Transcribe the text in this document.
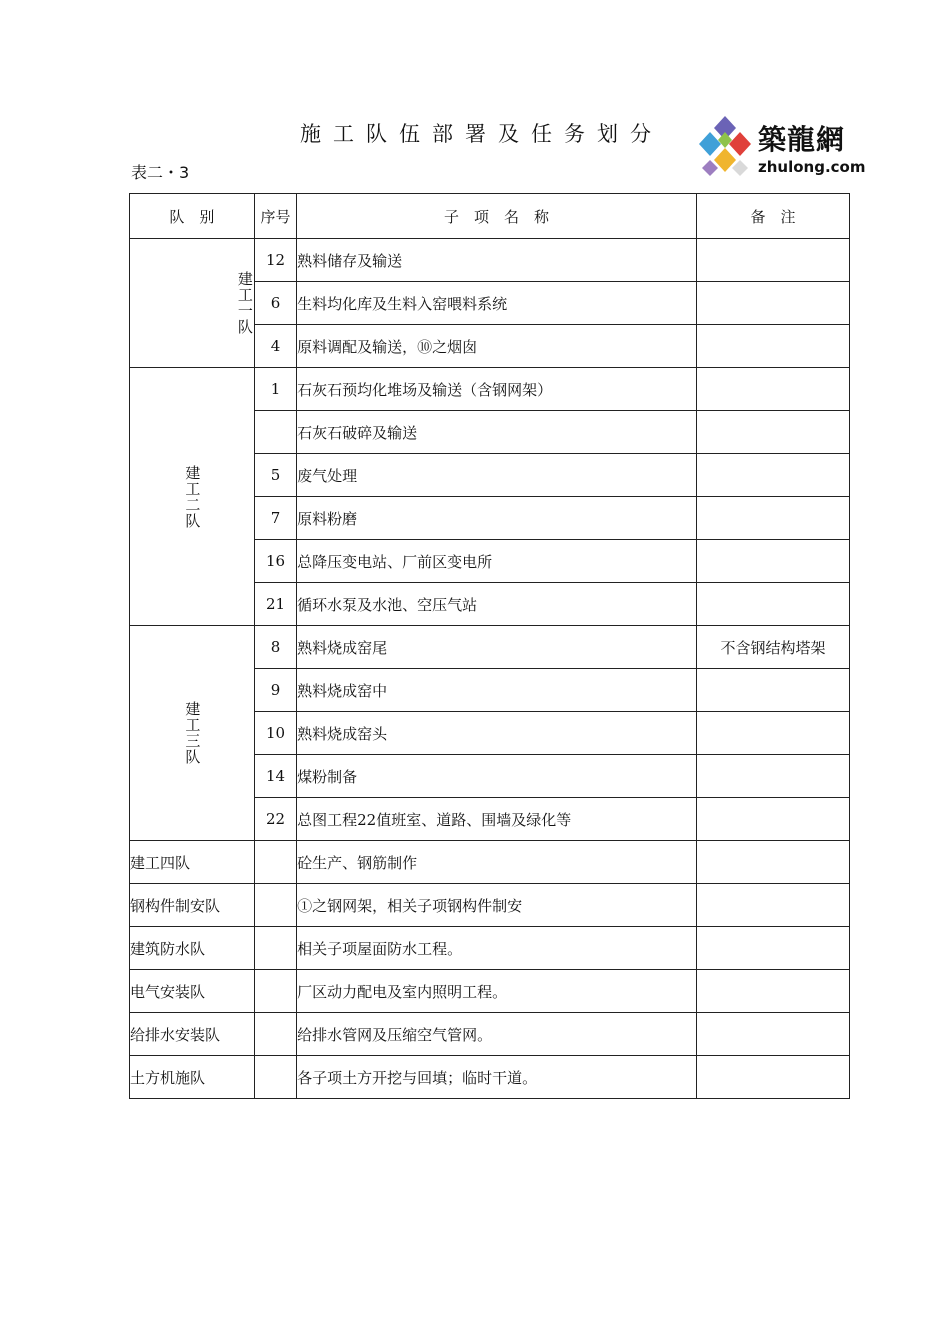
施工队伍部署及任务划分
表二・3
築龍網
zhulong.com
队　别	序号	子　项　名　称	备　注

建工一队	12	熟料储存及输送	
	6	生料均化库及生料入窑喂料系统	
	4	原料调配及输送，⑩之烟囱	

建工二队	1	石灰石预均化堆场及输送（含钢网架）	
		石灰石破碎及输送	
	5	废气处理	
	7	原料粉磨	
	16	总降压变电站、厂前区变电所	
	21	循环水泵及水池、空压气站	

建工三队	8	熟料烧成窑尾	不含钢结构塔架
	9	熟料烧成窑中	
	10	熟料烧成窑头	
	14	煤粉制备	
	22	总图工程22值班室、道路、围墙及绿化等	
建工四队		砼生产、钢筋制作	
钢构件制安队		①之钢网架，相关子项钢构件制安	
建筑防水队		相关子项屋面防水工程。	
电气安装队		厂区动力配电及室内照明工程。	
给排水安装队		给排水管网及压缩空气管网。	
土方机施队		各子项土方开挖与回填；临时干道。	
